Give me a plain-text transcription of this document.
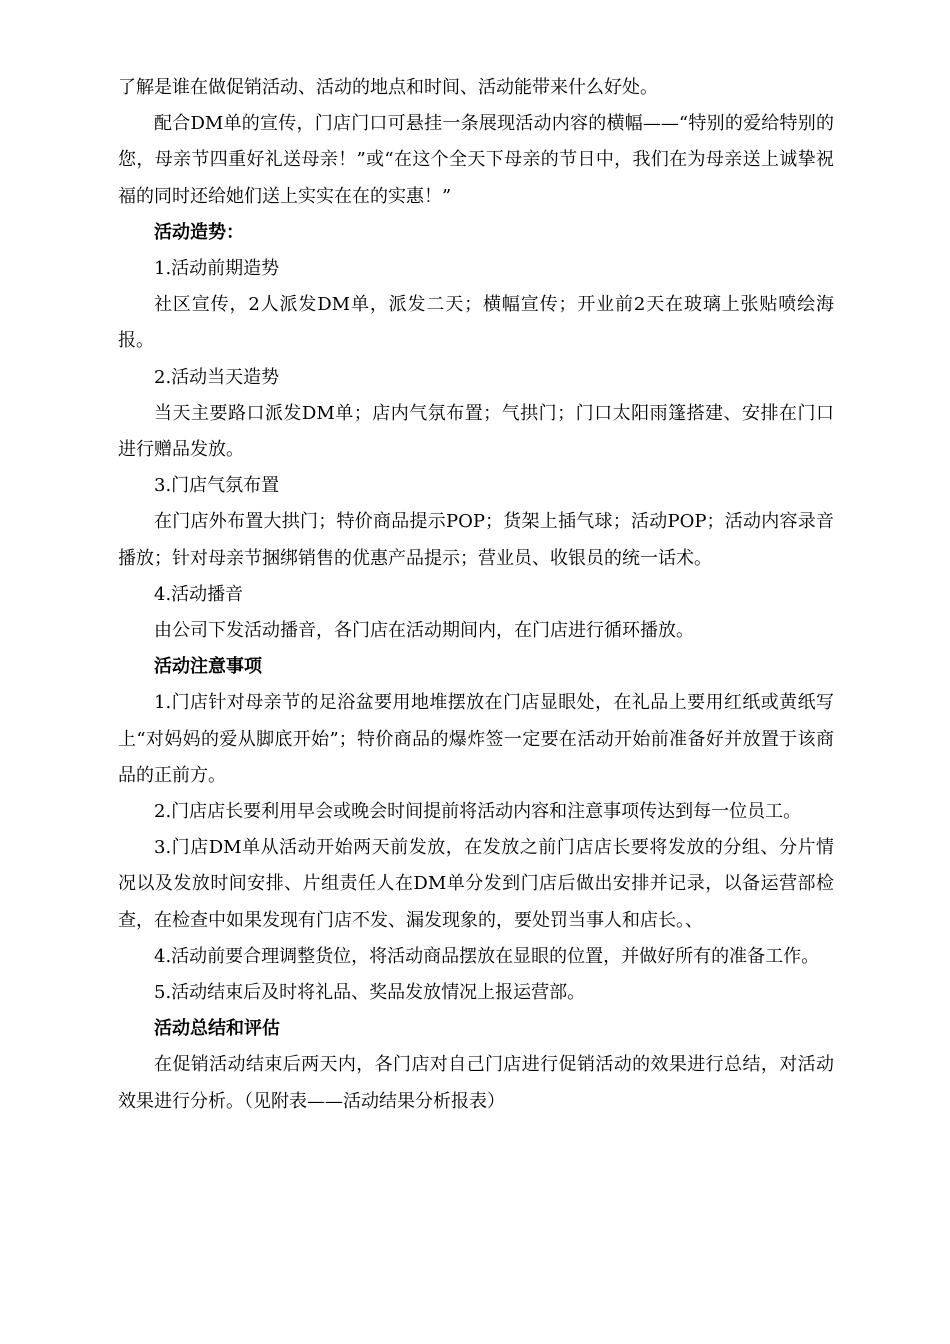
了解是谁在做促销活动、活动的地点和时间、活动能带来什么好处。

配合DM单的宣传，门店门口可悬挂一条展现活动内容的横幅——“特别的爱给特别的您，母亲节四重好礼送母亲！”或“在这个全天下母亲的节日中，我们在为母亲送上诚挚祝福的同时还给她们送上实实在在的实惠！”

活动造势：

1.活动前期造势

社区宣传，2人派发DM单，派发二天；横幅宣传；开业前2天在玻璃上张贴喷绘海报。

2.活动当天造势

当天主要路口派发DM单；店内气氛布置；气拱门；门口太阳雨篷搭建、安排在门口进行赠品发放。

3.门店气氛布置

在门店外布置大拱门；特价商品提示POP；货架上插气球；活动POP；活动内容录音播放；针对母亲节捆绑销售的优惠产品提示；营业员、收银员的统一话术。

4.活动播音

由公司下发活动播音，各门店在活动期间内，在门店进行循环播放。

活动注意事项

1.门店针对母亲节的足浴盆要用地堆摆放在门店显眼处，在礼品上要用红纸或黄纸写上“对妈妈的爱从脚底开始”；特价商品的爆炸签一定要在活动开始前准备好并放置于该商品的正前方。

2.门店店长要利用早会或晚会时间提前将活动内容和注意事项传达到每一位员工。

3.门店DM单从活动开始两天前发放，在发放之前门店店长要将发放的分组、分片情况以及发放时间安排、片组责任人在DM单分发到门店后做出安排并记录，以备运营部检查，在检查中如果发现有门店不发、漏发现象的，要处罚当事人和店长。、

4.活动前要合理调整货位，将活动商品摆放在显眼的位置，并做好所有的准备工作。

5.活动结束后及时将礼品、奖品发放情况上报运营部。

活动总结和评估

在促销活动结束后两天内，各门店对自己门店进行促销活动的效果进行总结，对活动效果进行分析。（见附表——活动结果分析报表）
